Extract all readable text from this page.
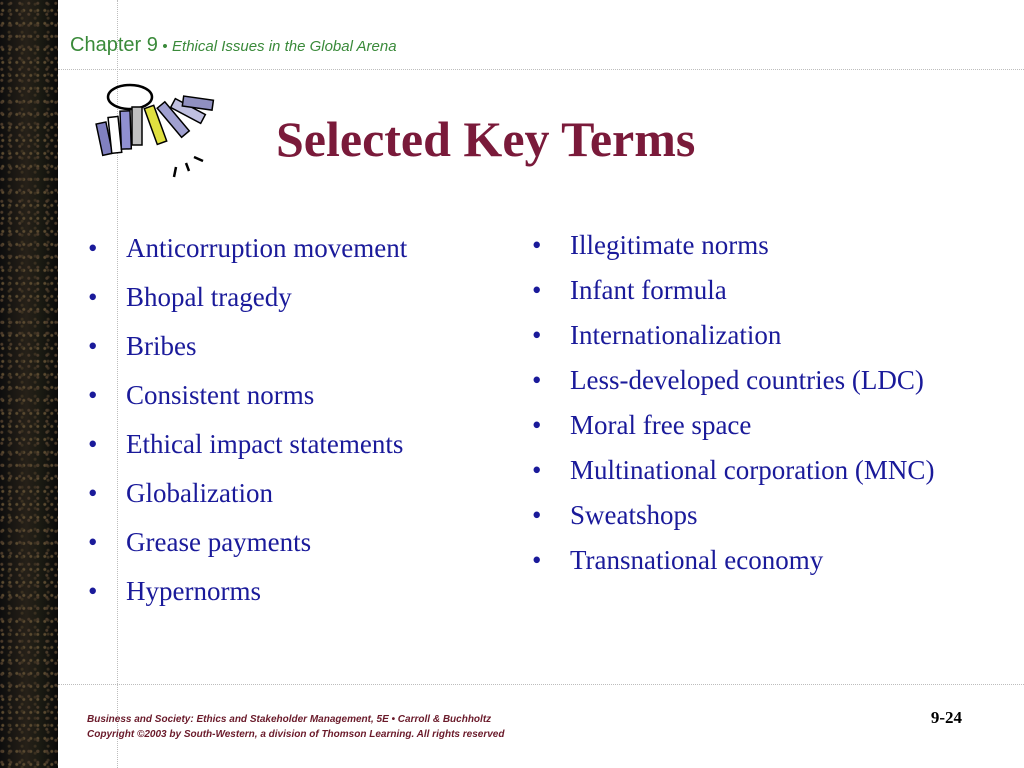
Chapter 9 • Ethical Issues in the Global Arena
Selected Key Terms
• Anticorruption movement
• Bhopal tragedy
• Bribes
• Consistent norms
• Ethical impact statements
• Globalization
• Grease payments
• Hypernorms
• Illegitimate norms
• Infant formula
• Internationalization
• Less-developed countries (LDC)
• Moral free space
• Multinational corporation (MNC)
• Sweatshops
• Transnational economy
Business and Society: Ethics and Stakeholder Management, 5E • Carroll & Buchholtz
Copyright ©2003 by South-Western, a division of Thomson Learning. All rights reserved
9-24
